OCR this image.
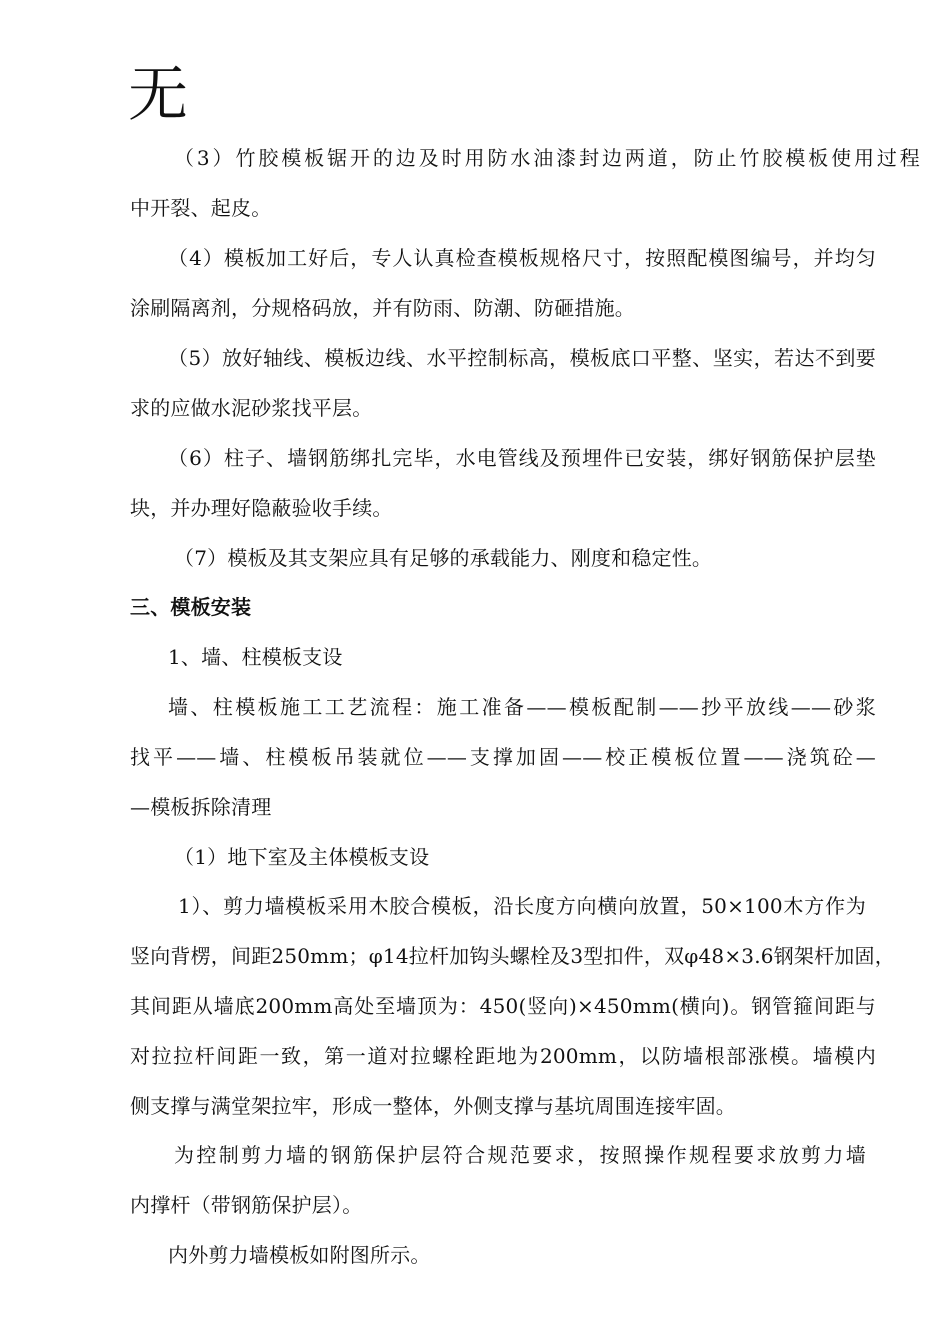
无
（3）竹胶模板锯开的边及时用防水油漆封边两道，防止竹胶模板使用过程
中开裂、起皮。
（4）模板加工好后，专人认真检查模板规格尺寸，按照配模图编号，并均匀
涂刷隔离剂，分规格码放，并有防雨、防潮、防砸措施。
（5）放好轴线、模板边线、水平控制标高，模板底口平整、坚实，若达不到要
求的应做水泥砂浆找平层。
（6）柱子、墙钢筋绑扎完毕，水电管线及预埋件已安装，绑好钢筋保护层垫
块，并办理好隐蔽验收手续。
（7）模板及其支架应具有足够的承载能力、刚度和稳定性。
三、模板安装
1、墙、柱模板支设
墙、柱模板施工工艺流程：施工准备——模板配制——抄平放线——砂浆
找平——墙、柱模板吊装就位——支撑加固——校正模板位置——浇筑砼—
—模板拆除清理
（1）地下室及主体模板支设
1）、剪力墙模板采用木胶合模板，沿长度方向横向放置，50×100木方作为
竖向背楞，间距250mm；φ14拉杆加钩头螺栓及3型扣件，双φ48×3.6钢架杆加固，
其间距从墙底200mm高处至墙顶为：450(竖向)×450mm(横向)。钢管箍间距与
对拉拉杆间距一致，第一道对拉螺栓距地为200mm，以防墙根部涨模。墙模内
侧支撑与满堂架拉牢，形成一整体，外侧支撑与基坑周围连接牢固。
为控制剪力墙的钢筋保护层符合规范要求，按照操作规程要求放剪力墙
内撑杆（带钢筋保护层）。
内外剪力墙模板如附图所示。
